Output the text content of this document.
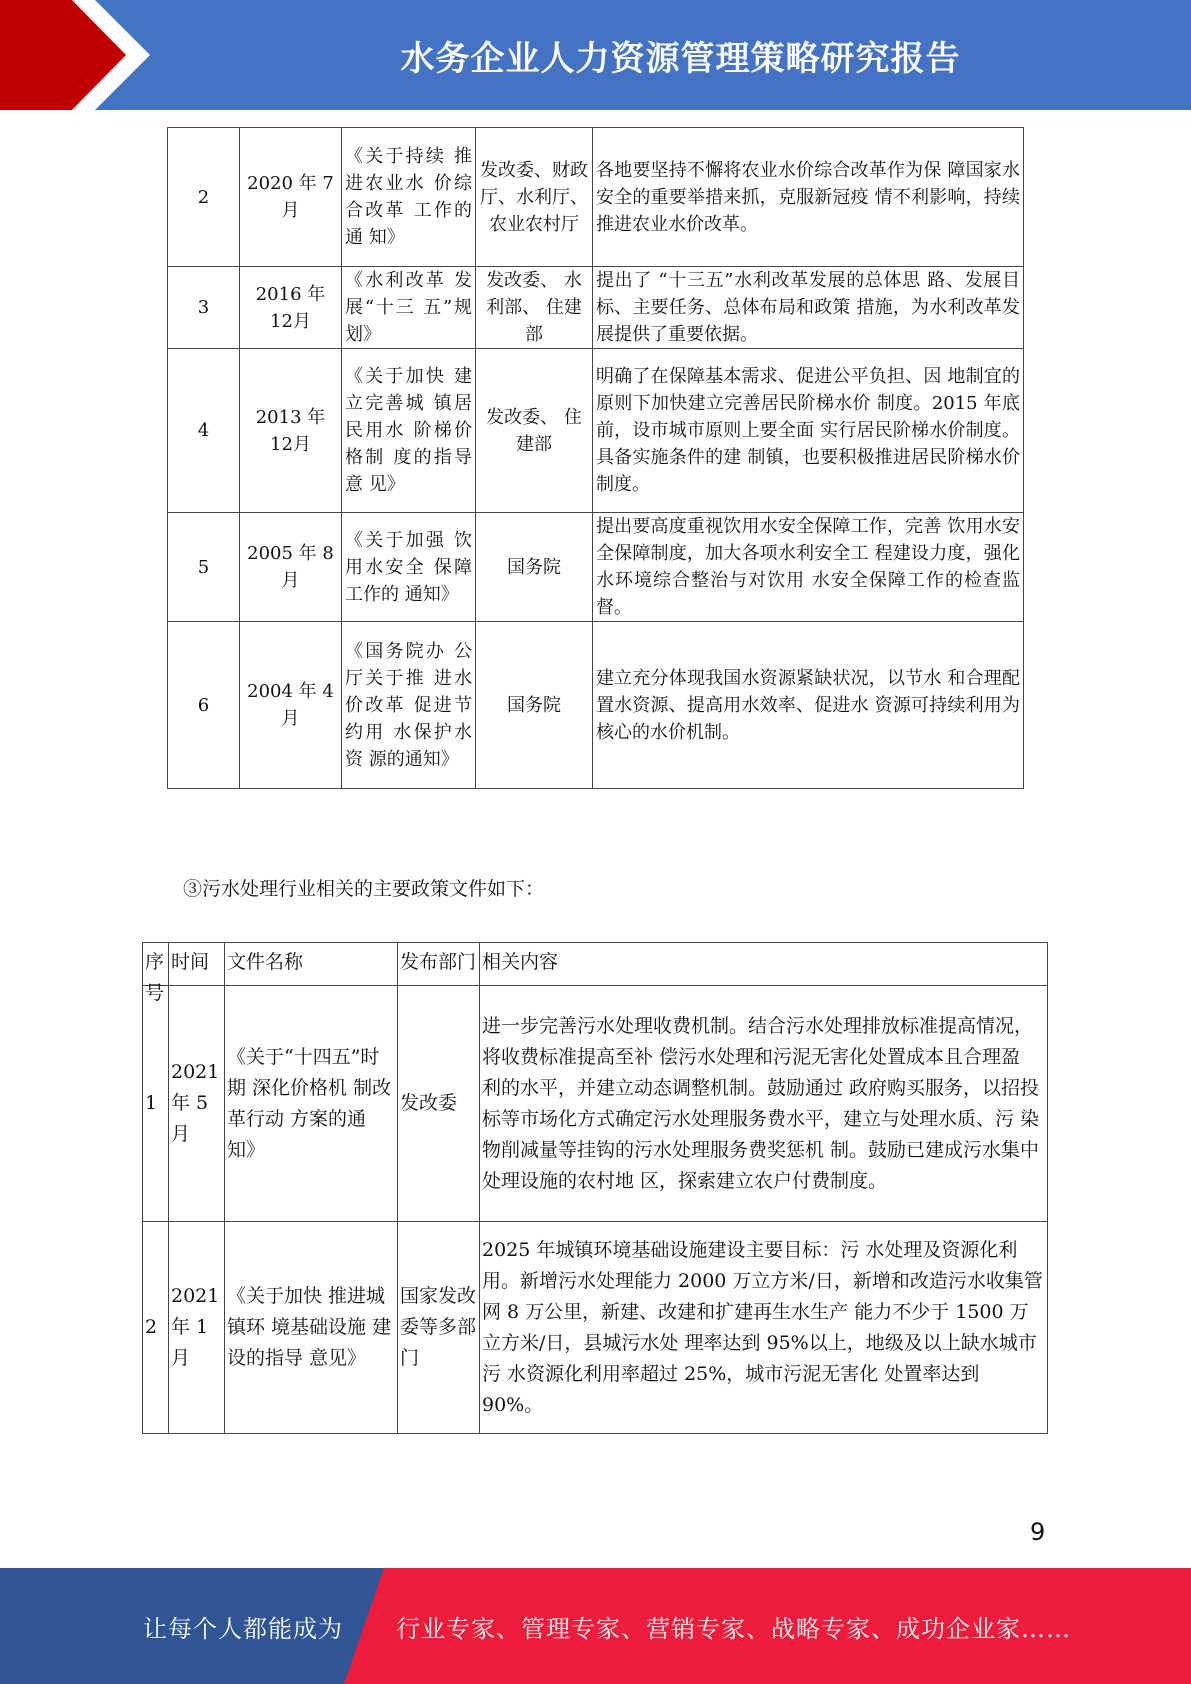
水务企业人力资源管理策略研究报告
2	2020 年 7月	《关于持续 推进农业水 价综合改革 工作的通 知》	发改委、财政厅、水利厅、农业农村厅	各地要坚持不懈将农业水价综合改革作为保 障国家水安全的重要举措来抓，克服新冠疫 情不利影响，持续推进农业水价改革。
3	2016 年 12月	《水利改革 发展“十三 五”规划》	发改委、 水利部、 住建部	提出了 “十三五”水利改革发展的总体思 路、发展目标、主要任务、总体布局和政策 措施，为水利改革发展提供了重要依据。
4	2013 年 12月	《关于加快 建立完善城 镇居民用水 阶梯价格制 度的指导意 见》	发改委、 住建部	明确了在保障基本需求、促进公平负担、因 地制宜的原则下加快建立完善居民阶梯水价 制度。2015 年底前，设市城市原则上要全面 实行居民阶梯水价制度。具备实施条件的建 制镇，也要积极推进居民阶梯水价制度。
5	2005 年 8月	《关于加强 饮用水安全 保障工作的 通知》	国务院	提出要高度重视饮用水安全保障工作，完善 饮用水安全保障制度，加大各项水利安全工 程建设力度，强化水环境综合整治与对饮用 水安全保障工作的检查监督。
6	2004 年 4月	《国务院办 公厅关于推 进水价改革 促进节约用 水保护水资 源的通知》	国务院	建立充分体现我国水资源紧缺状况，以节水 和合理配置水资源、提高用水效率、促进水 资源可持续利用为核心的水价机制。
③污水处理行业相关的主要政策文件如下：
序号	时间	文件名称	发布部门	相关内容

1	2021 年 5 月	《关于“十四五”时期 深化价格机 制改革行动 方案的通 知》	发改委	进一步完善污水处理收费机制。结合污水处理排放标准提高情况，将收费标准提高至补 偿污水处理和污泥无害化处置成本且合理盈 利的水平，并建立动态调整机制。鼓励通过 政府购买服务，以招投标等市场化方式确定污水处理服务费水平，建立与处理水质、污 染物削减量等挂钩的污水处理服务费奖惩机 制。鼓励已建成污水集中处理设施的农村地 区，探索建立农户付费制度。
2	2021 年 1 月	《关于加快 推进城镇环 境基础设施 建设的指导 意见》	国家发改 委等多部 门	2025 年城镇环境基础设施建设主要目标：污 水处理及资源化利用。新增污水处理能力 2000 万立方米/日，新增和改造污水收集管 网 8 万公里，新建、改建和扩建再生水生产 能力不少于 1500 万立方米/日，县城污水处 理率达到 95%以上，地级及以上缺水城市污 水资源化利用率超过 25%，城市污泥无害化 处置率达到 90%。
9
让每个人都能成为 行业专家、管理专家、营销专家、战略专家、成功企业家……
